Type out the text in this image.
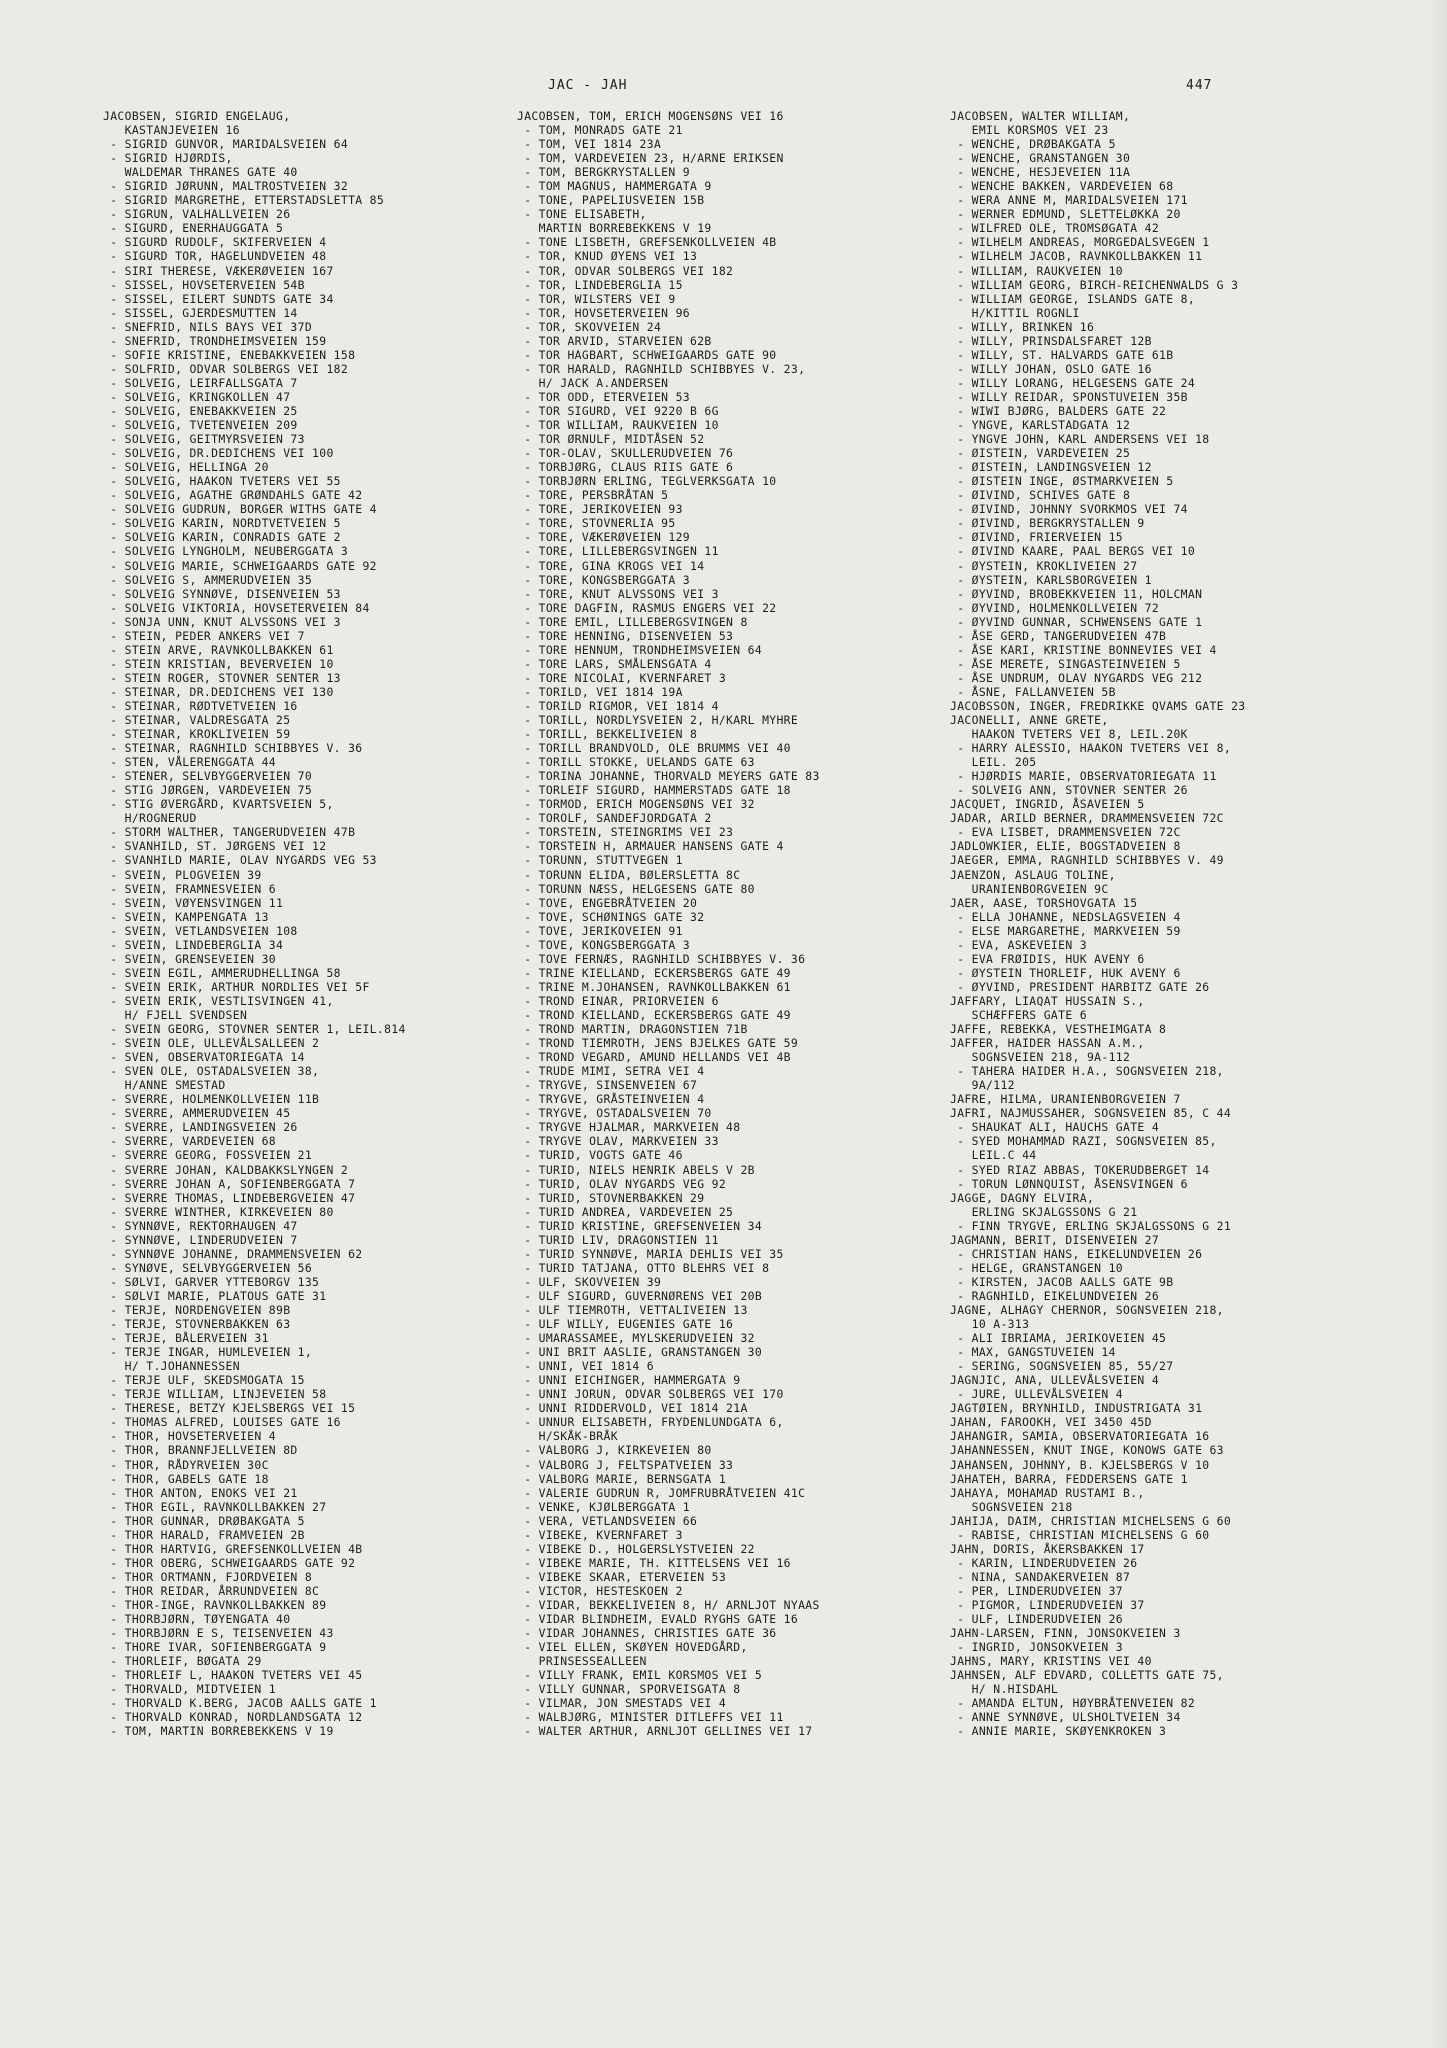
JAC - JAH	447
JACOBSEN, SIGRID ENGELAUG,
KASTANJEVEIEN 16
- SIGRID GUNVOR, MARIDALSVEIEN 64
- SIGRID HJØRDIS,
WALDEMAR THRANES GATE 40
- SIGRID JØRUNN, MALTROSTVEIEN 32
- SIGRID MARGRETHE, ETTERSTADSLETTA 85
- SIGRUN, VALHALLVEIEN 26
- SIGURD, ENERHAUGGATA 5
- SIGURD RUDOLF, SKIFERVEIEN 4
- SIGURD TOR, HAGELUNDVEIEN 48
- SIRI THERESE, VÆKERØVEIEN 167
- SISSEL, HOVSETERVEIEN 54B
- SISSEL, EILERT SUNDTS GATE 34
- SISSEL, GJERDESMUTTEN 14
- SNEFRID, NILS BAYS VEI 37D
- SNEFRID, TRONDHEIMSVEIEN 159
- SOFIE KRISTINE, ENEBAKKVEIEN 158
- SOLFRID, ODVAR SOLBERGS VEI 182
- SOLVEIG, LEIRFALLSGATA 7
- SOLVEIG, KRINGKOLLEN 47
- SOLVEIG, ENEBAKKVEIEN 25
- SOLVEIG, TVETENVEIEN 209
- SOLVEIG, GEITMYRSVEIEN 73
- SOLVEIG, DR.DEDICHENS VEI 100
- SOLVEIG, HELLINGA 20
- SOLVEIG, HAAKON TVETERS VEI 55
- SOLVEIG, AGATHE GRØNDAHLS GATE 42
- SOLVEIG GUDRUN, BORGER WITHS GATE 4
- SOLVEIG KARIN, NORDTVETVEIEN 5
- SOLVEIG KARIN, CONRADIS GATE 2
- SOLVEIG LYNGHOLM, NEUBERGGATA 3
- SOLVEIG MARIE, SCHWEIGAARDS GATE 92
- SOLVEIG S, AMMERUDVEIEN 35
- SOLVEIG SYNNØVE, DISENVEIEN 53
- SOLVEIG VIKTORIA, HOVSETERVEIEN 84
- SONJA UNN, KNUT ALVSSONS VEI 3
- STEIN, PEDER ANKERS VEI 7
- STEIN ARVE, RAVNKOLLBAKKEN 61
- STEIN KRISTIAN, BEVERVEIEN 10
- STEIN ROGER, STOVNER SENTER 13
- STEINAR, DR.DEDICHENS VEI 130
- STEINAR, RØDTVETVEIEN 16
- STEINAR, VALDRESGATA 25
- STEINAR, KROKLIVEIEN 59
- STEINAR, RAGNHILD SCHIBBYES V. 36
- STEN, VÅLERENGGATA 44
- STENER, SELVBYGGERVEIEN 70
- STIG JØRGEN, VARDEVEIEN 75
- STIG ØVERGÅRD, KVARTSVEIEN 5,
H/ROGNERUD
- STORM WALTHER, TANGERUDVEIEN 47B
- SVANHILD, ST. JØRGENS VEI 12
- SVANHILD MARIE, OLAV NYGARDS VEG 53
- SVEIN, PLOGVEIEN 39
- SVEIN, FRAMNESVEIEN 6
- SVEIN, VØYENSVINGEN 11
- SVEIN, KAMPENGATA 13
- SVEIN, VETLANDSVEIEN 108
- SVEIN, LINDEBERGLIA 34
- SVEIN, GRENSEVEIEN 30
- SVEIN EGIL, AMMERUDHELLINGA 58
- SVEIN ERIK, ARTHUR NORDLIES VEI 5F
- SVEIN ERIK, VESTLISVINGEN 41,
H/ FJELL SVENDSEN
- SVEIN GEORG, STOVNER SENTER 1, LEIL.814
- SVEIN OLE, ULLEVÅLSALLEEN 2
- SVEN, OBSERVATORIEGATA 14
- SVEN OLE, OSTADALSVEIEN 38,
H/ANNE SMESTAD
- SVERRE, HOLMENKOLLVEIEN 11B
- SVERRE, AMMERUDVEIEN 45
- SVERRE, LANDINGSVEIEN 26
- SVERRE, VARDEVEIEN 68
- SVERRE GEORG, FOSSVEIEN 21
- SVERRE JOHAN, KALDBAKKSLYNGEN 2
- SVERRE JOHAN A, SOFIENBERGGATA 7
- SVERRE THOMAS, LINDEBERGVEIEN 47
- SVERRE WINTHER, KIRKEVEIEN 80
- SYNNØVE, REKTORHAUGEN 47
- SYNNØVE, LINDERUDVEIEN 7
- SYNNØVE JOHANNE, DRAMMENSVEIEN 62
- SYNØVE, SELVBYGGERVEIEN 56
- SØLVI, GARVER YTTEBORGV 135
- SØLVI MARIE, PLATOUS GATE 31
- TERJE, NORDENGVEIEN 89B
- TERJE, STOVNERBAKKEN 63
- TERJE, BÅLERVEIEN 31
- TERJE INGAR, HUMLEVEIEN 1,
H/ T.JOHANNESSEN
- TERJE ULF, SKEDSMOGATA 15
- TERJE WILLIAM, LINJEVEIEN 58
- THERESE, BETZY KJELSBERGS VEI 15
- THOMAS ALFRED, LOUISES GATE 16
- THOR, HOVSETERVEIEN 4
- THOR, BRANNFJELLVEIEN 8D
- THOR, RÅDYRVEIEN 30C
- THOR, GABELS GATE 18
- THOR ANTON, ENOKS VEI 21
- THOR EGIL, RAVNKOLLBAKKEN 27
- THOR GUNNAR, DRØBAKGATA 5
- THOR HARALD, FRAMVEIEN 2B
- THOR HARTVIG, GREFSENKOLLVEIEN 4B
- THOR OBERG, SCHWEIGAARDS GATE 92
- THOR ORTMANN, FJORDVEIEN 8
- THOR REIDAR, ÅRRUNDVEIEN 8C
- THOR-INGE, RAVNKOLLBAKKEN 89
- THORBJØRN, TØYENGATA 40
- THORBJØRN E S, TEISENVEIEN 43
- THORE IVAR, SOFIENBERGGATA 9
- THORLEIF, BØGATA 29
- THORLEIF L, HAAKON TVETERS VEI 45
- THORVALD, MIDTVEIEN 1
- THORVALD K.BERG, JACOB AALLS GATE 1
- THORVALD KONRAD, NORDLANDSGATA 12
- TOM, MARTIN BORREBEKKENS V 19
JACOBSEN, TOM, ERICH MOGENSØNS VEI 16
- TOM, MONRADS GATE 21
- TOM, VEI 1814 23A
- TOM, VARDEVEIEN 23, H/ARNE ERIKSEN
- TOM, BERGKRYSTALLEN 9
- TOM MAGNUS, HAMMERGATA 9
- TONE, PAPELIUSVEIEN 15B
- TONE ELISABETH,
MARTIN BORREBEKKENS V 19
- TONE LISBETH, GREFSENKOLLVEIEN 4B
- TOR, KNUD ØYENS VEI 13
- TOR, ODVAR SOLBERGS VEI 182
- TOR, LINDEBERGLIA 15
- TOR, WILSTERS VEI 9
- TOR, HOVSETERVEIEN 96
- TOR, SKOVVEIEN 24
- TOR ARVID, STARVEIEN 62B
- TOR HAGBART, SCHWEIGAARDS GATE 90
- TOR HARALD, RAGNHILD SCHIBBYES V. 23,
H/ JACK A.ANDERSEN
- TOR ODD, ETERVEIEN 53
- TOR SIGURD, VEI 9220 B 6G
- TOR WILLIAM, RAUKVEIEN 10
- TOR ØRNULF, MIDTÅSEN 52
- TOR-OLAV, SKULLERUDVEIEN 76
- TORBJØRG, CLAUS RIIS GATE 6
- TORBJØRN ERLING, TEGLVERKSGATA 10
- TORE, PERSBRÅTAN 5
- TORE, JERIKOVEIEN 93
- TORE, STOVNERLIA 95
- TORE, VÆKERØVEIEN 129
- TORE, LILLEBERGSVINGEN 11
- TORE, GINA KROGS VEI 14
- TORE, KONGSBERGGATA 3
- TORE, KNUT ALVSSONS VEI 3
- TORE DAGFIN, RASMUS ENGERS VEI 22
- TORE EMIL, LILLEBERGSVINGEN 8
- TORE HENNING, DISENVEIEN 53
- TORE HENNUM, TRONDHEIMSVEIEN 64
- TORE LARS, SMÅLENSGATA 4
- TORE NICOLAI, KVERNFARET 3
- TORILD, VEI 1814 19A
- TORILD RIGMOR, VEI 1814 4
- TORILL, NORDLYSVEIEN 2, H/KARL MYHRE
- TORILL, BEKKELIVEIEN 8
- TORILL BRANDVOLD, OLE BRUMMS VEI 40
- TORILL STOKKE, UELANDS GATE 63
- TORINA JOHANNE, THORVALD MEYERS GATE 83
- TORLEIF SIGURD, HAMMERSTADS GATE 18
- TORMOD, ERICH MOGENSØNS VEI 32
- TOROLF, SANDEFJORDGATA 2
- TORSTEIN, STEINGRIMS VEI 23
- TORSTEIN H, ARMAUER HANSENS GATE 4
- TORUNN, STUTTVEGEN 1
- TORUNN ELIDA, BØLERSLETTA 8C
- TORUNN NÆSS, HELGESENS GATE 80
- TOVE, ENGEBRÅTVEIEN 20
- TOVE, SCHØNINGS GATE 32
- TOVE, JERIKOVEIEN 91
- TOVE, KONGSBERGGATA 3
- TOVE FERNÆS, RAGNHILD SCHIBBYES V. 36
- TRINE KIELLAND, ECKERSBERGS GATE 49
- TRINE M.JOHANSEN, RAVNKOLLBAKKEN 61
- TROND EINAR, PRIORVEIEN 6
- TROND KIELLAND, ECKERSBERGS GATE 49
- TROND MARTIN, DRAGONSTIEN 71B
- TROND TIEMROTH, JENS BJELKES GATE 59
- TROND VEGARD, AMUND HELLANDS VEI 4B
- TRUDE MIMI, SETRA VEI 4
- TRYGVE, SINSENVEIEN 67
- TRYGVE, GRÅSTEINVEIEN 4
- TRYGVE, OSTADALSVEIEN 70
- TRYGVE HJALMAR, MARKVEIEN 48
- TRYGVE OLAV, MARKVEIEN 33
- TURID, VOGTS GATE 46
- TURID, NIELS HENRIK ABELS V 2B
- TURID, OLAV NYGARDS VEG 92
- TURID, STOVNERBAKKEN 29
- TURID ANDREA, VARDEVEIEN 25
- TURID KRISTINE, GREFSENVEIEN 34
- TURID LIV, DRAGONSTIEN 11
- TURID SYNNØVE, MARIA DEHLIS VEI 35
- TURID TATJANA, OTTO BLEHRS VEI 8
- ULF, SKOVVEIEN 39
- ULF SIGURD, GUVERNØRENS VEI 20B
- ULF TIEMROTH, VETTALIVEIEN 13
- ULF WILLY, EUGENIES GATE 16
- UMARASSAMEE, MYLSKERUDVEIEN 32
- UNI BRIT AASLIE, GRANSTANGEN 30
- UNNI, VEI 1814 6
- UNNI EICHINGER, HAMMERGATA 9
- UNNI JORUN, ODVAR SOLBERGS VEI 170
- UNNI RIDDERVOLD, VEI 1814 21A
- UNNUR ELISABETH, FRYDENLUNDGATA 6,
H/SKÅK-BRÅK
- VALBORG J, KIRKEVEIEN 80
- VALBORG J, FELTSPATVEIEN 33
- VALBORG MARIE, BERNSGATA 1
- VALERIE GUDRUN R, JOMFRUBRÅTVEIEN 41C
- VENKE, KJØLBERGGATA 1
- VERA, VETLANDSVEIEN 66
- VIBEKE, KVERNFARET 3
- VIBEKE D., HOLGERSLYSTVEIEN 22
- VIBEKE MARIE, TH. KITTELSENS VEI 16
- VIBEKE SKAAR, ETERVEIEN 53
- VICTOR, HESTESKOEN 2
- VIDAR, BEKKELIVEIEN 8, H/ ARNLJOT NYAAS
- VIDAR BLINDHEIM, EVALD RYGHS GATE 16
- VIDAR JOHANNES, CHRISTIES GATE 36
- VIEL ELLEN, SKØYEN HOVEDGÅRD,
PRINSESSEALLEEN
- VILLY FRANK, EMIL KORSMOS VEI 5
- VILLY GUNNAR, SPORVEISGATA 8
- VILMAR, JON SMESTADS VEI 4
- WALBJØRG, MINISTER DITLEFFS VEI 11
- WALTER ARTHUR, ARNLJOT GELLINES VEI 17
JACOBSEN, WALTER WILLIAM,
EMIL KORSMOS VEI 23
- WENCHE, DRØBAKGATA 5
- WENCHE, GRANSTANGEN 30
- WENCHE, HESJEVEIEN 11A
- WENCHE BAKKEN, VARDEVEIEN 68
- WERA ANNE M, MARIDALSVEIEN 171
- WERNER EDMUND, SLETTELØKKA 20
- WILFRED OLE, TROMSØGATA 42
- WILHELM ANDREAS, MORGEDALSVEGEN 1
- WILHELM JACOB, RAVNKOLLBAKKEN 11
- WILLIAM, RAUKVEIEN 10
- WILLIAM GEORG, BIRCH-REICHENWALDS G 3
- WILLIAM GEORGE, ISLANDS GATE 8,
H/KITTIL ROGNLI
- WILLY, BRINKEN 16
- WILLY, PRINSDALSFARET 12B
- WILLY, ST. HALVARDS GATE 61B
- WILLY JOHAN, OSLO GATE 16
- WILLY LORANG, HELGESENS GATE 24
- WILLY REIDAR, SPONSTUVEIEN 35B
- WIWI BJØRG, BALDERS GATE 22
- YNGVE, KARLSTADGATA 12
- YNGVE JOHN, KARL ANDERSENS VEI 18
- ØISTEIN, VARDEVEIEN 25
- ØISTEIN, LANDINGSVEIEN 12
- ØISTEIN INGE, ØSTMARKVEIEN 5
- ØIVIND, SCHIVES GATE 8
- ØIVIND, JOHNNY SVORKMOS VEI 74
- ØIVIND, BERGKRYSTALLEN 9
- ØIVIND, FRIERVEIEN 15
- ØIVIND KAARE, PAAL BERGS VEI 10
- ØYSTEIN, KROKLIVEIEN 27
- ØYSTEIN, KARLSBORGVEIEN 1
- ØYVIND, BROBEKKVEIEN 11, HOLCMAN
- ØYVIND, HOLMENKOLLVEIEN 72
- ØYVIND GUNNAR, SCHWENSENS GATE 1
- ÅSE GERD, TANGERUDVEIEN 47B
- ÅSE KARI, KRISTINE BONNEVIES VEI 4
- ÅSE MERETE, SINGASTEINVEIEN 5
- ÅSE UNDRUM, OLAV NYGARDS VEG 212
- ÅSNE, FALLANVEIEN 5B
JACOBSSON, INGER, FREDRIKKE QVAMS GATE 23
JACONELLI, ANNE GRETE,
HAAKON TVETERS VEI 8, LEIL.20K
- HARRY ALESSIO, HAAKON TVETERS VEI 8,
LEIL. 205
- HJØRDIS MARIE, OBSERVATORIEGATA 11
- SOLVEIG ANN, STOVNER SENTER 26
JACQUET, INGRID, ÅSAVEIEN 5
JADAR, ARILD BERNER, DRAMMENSVEIEN 72C
- EVA LISBET, DRAMMENSVEIEN 72C
JADLOWKIER, ELIE, BOGSTADVEIEN 8
JAEGER, EMMA, RAGNHILD SCHIBBYES V. 49
JAENZON, ASLAUG TOLINE,
URANIENBORGVEIEN 9C
JAER, AASE, TORSHOVGATA 15
- ELLA JOHANNE, NEDSLAGSVEIEN 4
- ELSE MARGARETHE, MARKVEIEN 59
- EVA, ASKEVEIEN 3
- EVA FRØIDIS, HUK AVENY 6
- ØYSTEIN THORLEIF, HUK AVENY 6
- ØYVIND, PRESIDENT HARBITZ GATE 26
JAFFARY, LIAQAT HUSSAIN S.,
SCHÆFFERS GATE 6
JAFFE, REBEKKA, VESTHEIMGATA 8
JAFFER, HAIDER HASSAN A.M.,
SOGNSVEIEN 218, 9A-112
- TAHERA HAIDER H.A., SOGNSVEIEN 218,
9A/112
JAFRE, HILMA, URANIENBORGVEIEN 7
JAFRI, NAJMUSSAHER, SOGNSVEIEN 85, C 44
- SHAUKAT ALI, HAUCHS GATE 4
- SYED MOHAMMAD RAZI, SOGNSVEIEN 85,
LEIL.C 44
- SYED RIAZ ABBAS, TOKERUDBERGET 14
- TORUN LØNNQUIST, ÅSENSVINGEN 6
JAGGE, DAGNY ELVIRA,
ERLING SKJALGSSONS G 21
- FINN TRYGVE, ERLING SKJALGSSONS G 21
JAGMANN, BERIT, DISENVEIEN 27
- CHRISTIAN HANS, EIKELUNDVEIEN 26
- HELGE, GRANSTANGEN 10
- KIRSTEN, JACOB AALLS GATE 9B
- RAGNHILD, EIKELUNDVEIEN 26
JAGNE, ALHAGY CHERNOR, SOGNSVEIEN 218,
10 A-313
- ALI IBRIAMA, JERIKOVEIEN 45
- MAX, GANGSTUVEIEN 14
- SERING, SOGNSVEIEN 85, 55/27
JAGNJIC, ANA, ULLEVÅLSVEIEN 4
- JURE, ULLEVÅLSVEIEN 4
JAGTØIEN, BRYNHILD, INDUSTRIGATA 31
JAHAN, FAROOKH, VEI 3450 45D
JAHANGIR, SAMIA, OBSERVATORIEGATA 16
JAHANNESSEN, KNUT INGE, KONOWS GATE 63
JAHANSEN, JOHNNY, B. KJELSBERGS V 10
JAHATEH, BARRA, FEDDERSENS GATE 1
JAHAYA, MOHAMAD RUSTAMI B.,
SOGNSVEIEN 218
JAHIJA, DAIM, CHRISTIAN MICHELSENS G 60
- RABISE, CHRISTIAN MICHELSENS G 60
JAHN, DORIS, ÅKERSBAKKEN 17
- KARIN, LINDERUDVEIEN 26
- NINA, SANDAKERVEIEN 87
- PER, LINDERUDVEIEN 37
- PIGMOR, LINDERUDVEIEN 37
- ULF, LINDERUDVEIEN 26
JAHN-LARSEN, FINN, JONSOKVEIEN 3
- INGRID, JONSOKVEIEN 3
JAHNS, MARY, KRISTINS VEI 40
JAHNSEN, ALF EDVARD, COLLETTS GATE 75,
H/ N.HISDAHL
- AMANDA ELTUN, HØYBRÅTENVEIEN 82
- ANNE SYNNØVE, ULSHOLTVEIEN 34
- ANNIE MARIE, SKØYENKROKEN 3
